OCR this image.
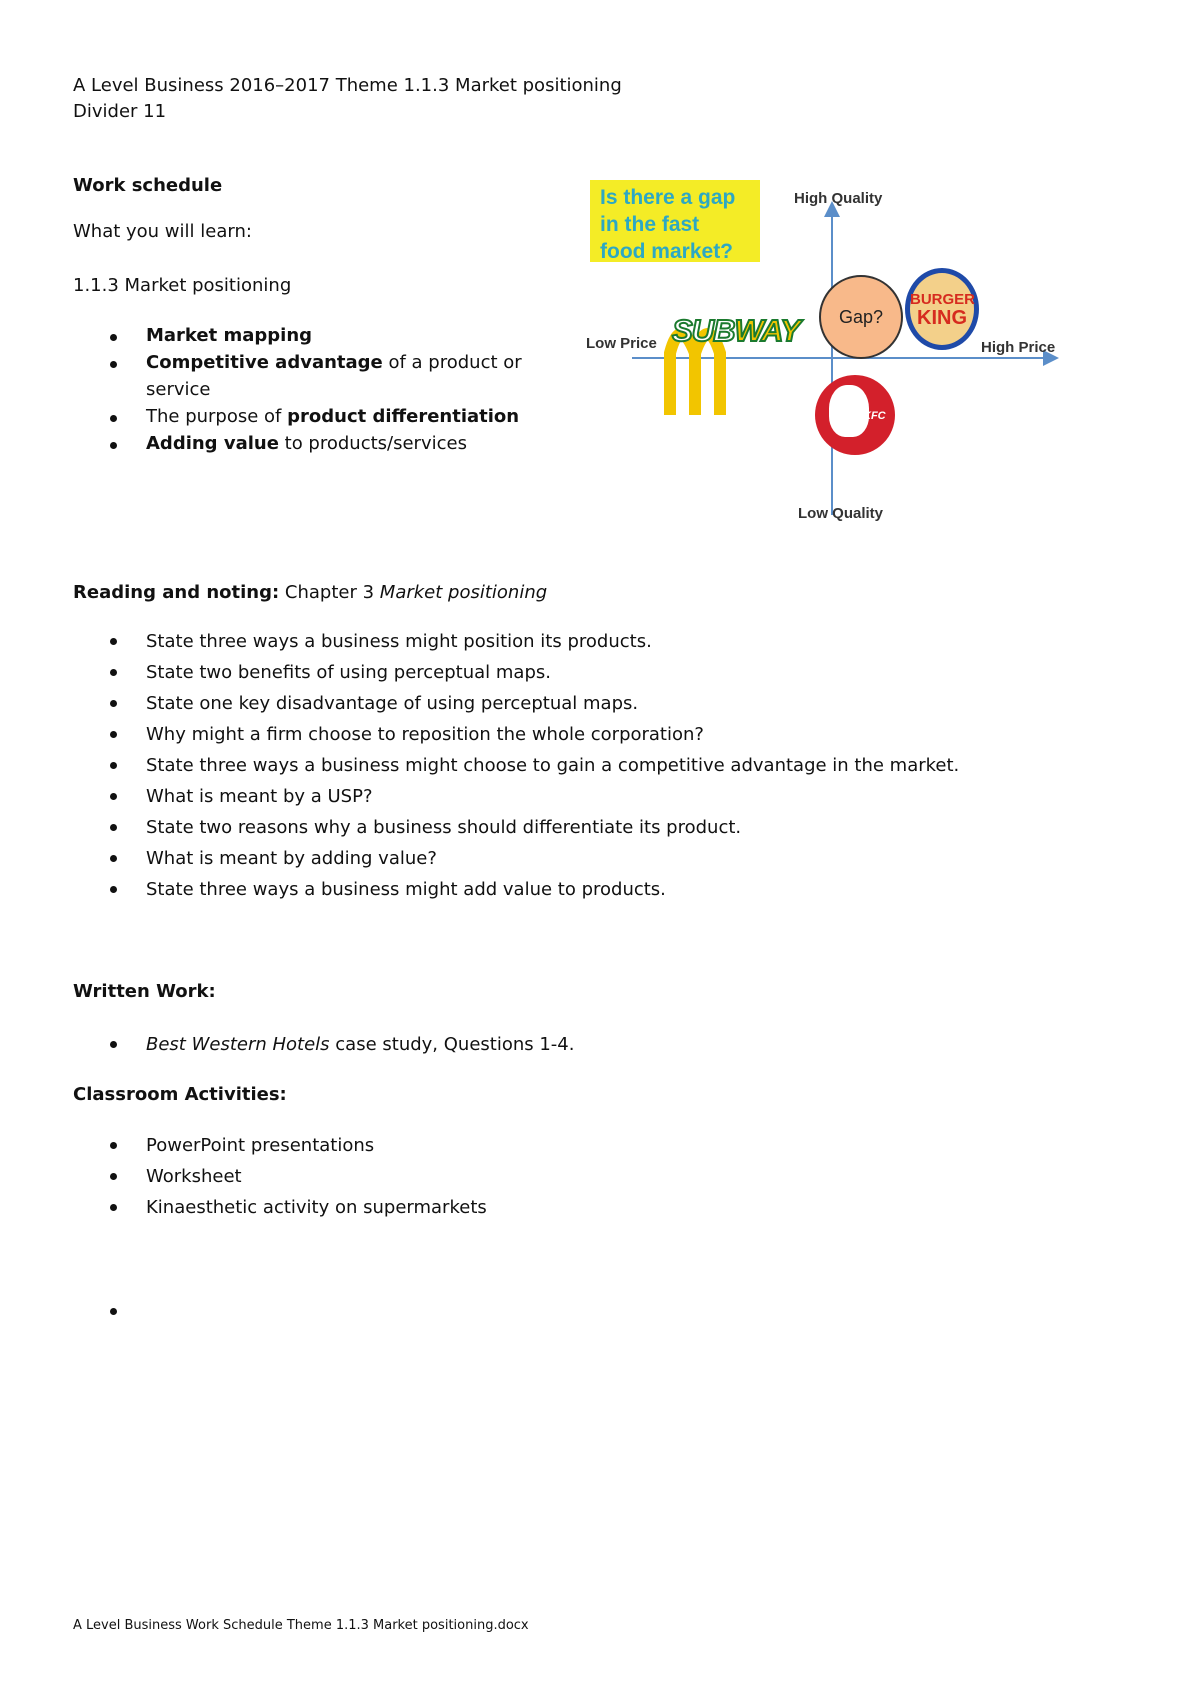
A Level Business 2016–2017 Theme 1.1.3 Market positioning
Divider 11
Work schedule
What you will learn:
1.1.3 Market positioning
Market mapping
Competitive advantage of a product or
service
The purpose of product differentiation
Adding value to products/services
Is there a gap
in the fast
food market?
High Quality
Low Quality
Low Price	High Price
Gap?
SUBWAY
BURGER
KING
KFC
Reading and noting: Chapter 3 Market positioning
State three ways a business might position its products.
State two benefits of using perceptual maps.
State one key disadvantage of using perceptual maps.
Why might a firm choose to reposition the whole corporation?
State three ways a business might choose to gain a competitive advantage in the market.
What is meant by a USP?
State two reasons why a business should differentiate its product.
What is meant by adding value?
State three ways a business might add value to products.
Written Work:
Best Western Hotels case study, Questions 1-4.
Classroom Activities:
PowerPoint presentations
Worksheet
Kinaesthetic activity on supermarkets

A Level Business Work Schedule Theme 1.1.3 Market positioning.docx
